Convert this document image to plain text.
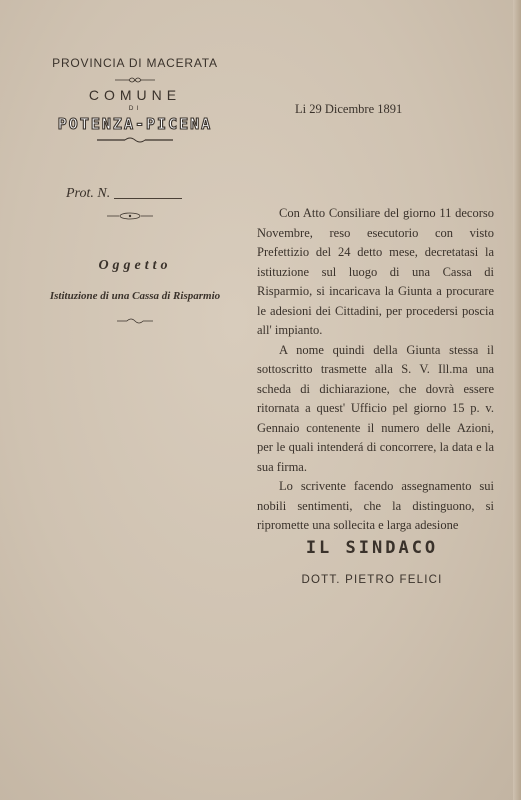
PROVINCIA DI MACERATA
COMUNE
DI
POTENZA-PICENA
Prot. N.
Oggetto
Istituzione di una Cassa di Risparmio
Li 29 Dicembre 1891

Con Atto Consiliare del giorno 11 decorso Novembre, reso esecutorio con visto Prefettizio del 24 detto mese, decretatasi la istituzione sul luogo di una Cassa di Risparmio, si incaricava la Giunta a procurare le adesioni dei Cittadini, per procedersi poscia all' impianto.

A nome quindi della Giunta stessa il sottoscritto trasmette alla S. V. Ill.ma una scheda di dichiarazione, che dovrà essere ritornata a quest' Ufficio pel giorno 15 p. v. Gennaio contenente il numero delle Azioni, per le quali intenderá di concorrere, la data e la sua firma.

Lo scrivente facendo assegnamento sui nobili sentimenti, che la distinguono, si ripromette una sollecita e larga adesione

IL SINDACO
DOTT. PIETRO FELICI
